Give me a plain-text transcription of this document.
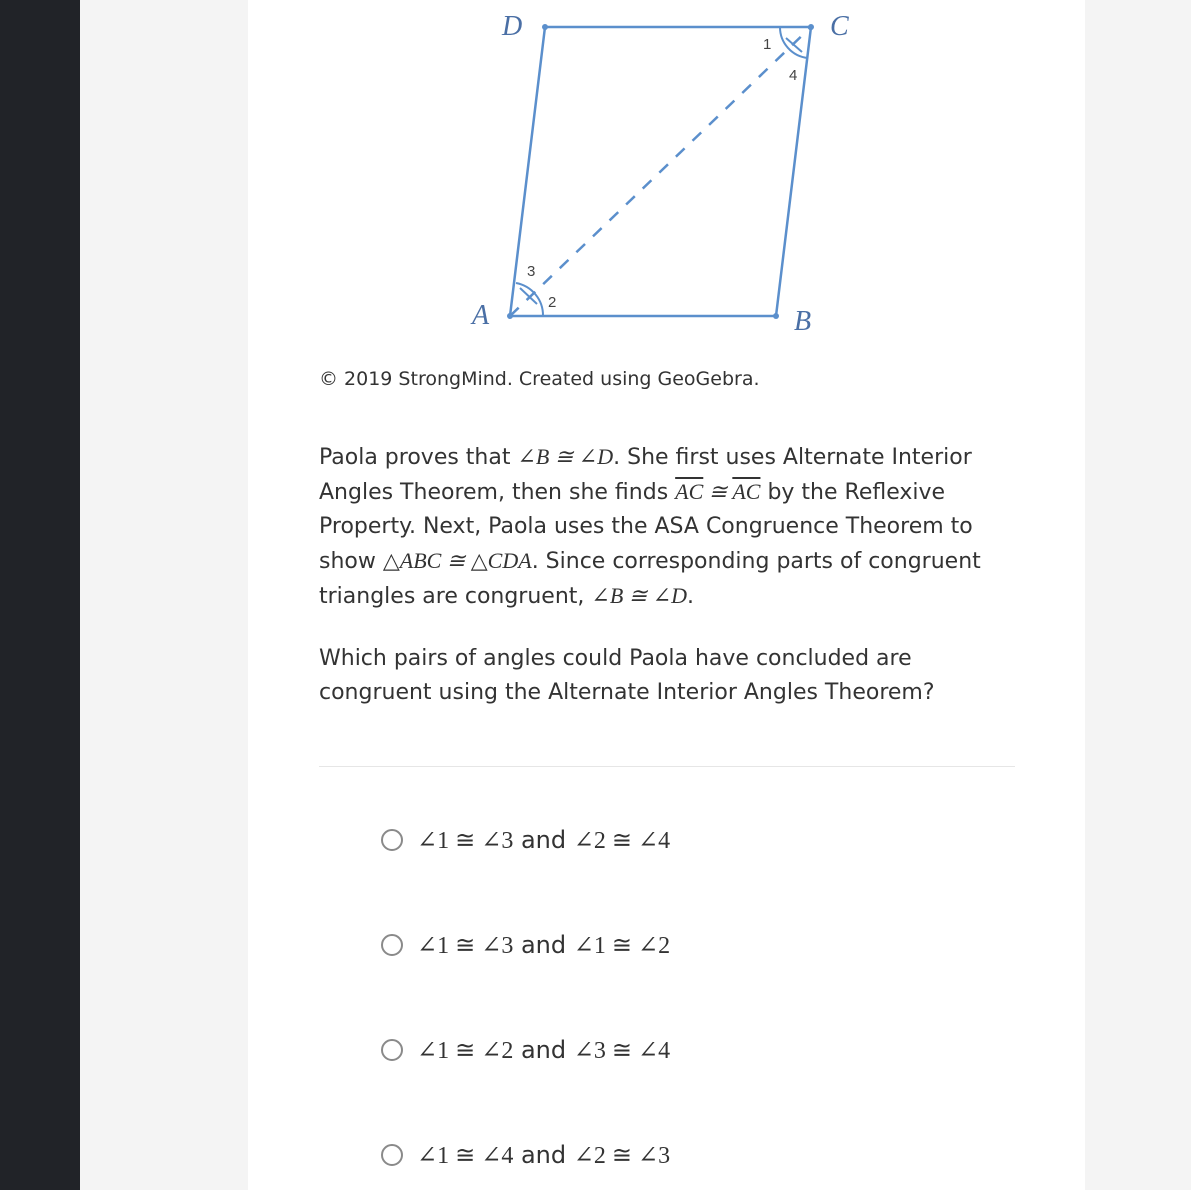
D	C
A	B
1
4
3
2
© 2019 StrongMind. Created using GeoGebra.

Paola proves that ∠B ≅ ∠D. She first uses Alternate Interior Angles Theorem, then she finds $\overline{AC}$ ≅ $\overline{AC}$ by the Reflexive Property. Next, Paola uses the ASA Congruence Theorem to show △ABC ≅ △CDA. Since corresponding parts of congruent triangles are congruent, ∠B ≅ ∠D.

Which pairs of angles could Paola have concluded are congruent using the Alternate Interior Angles Theorem?

∠1 ≅ ∠3 and ∠2 ≅ ∠4
∠1 ≅ ∠3 and ∠1 ≅ ∠2
∠1 ≅ ∠2 and ∠3 ≅ ∠4
∠1 ≅ ∠4 and ∠2 ≅ ∠3
